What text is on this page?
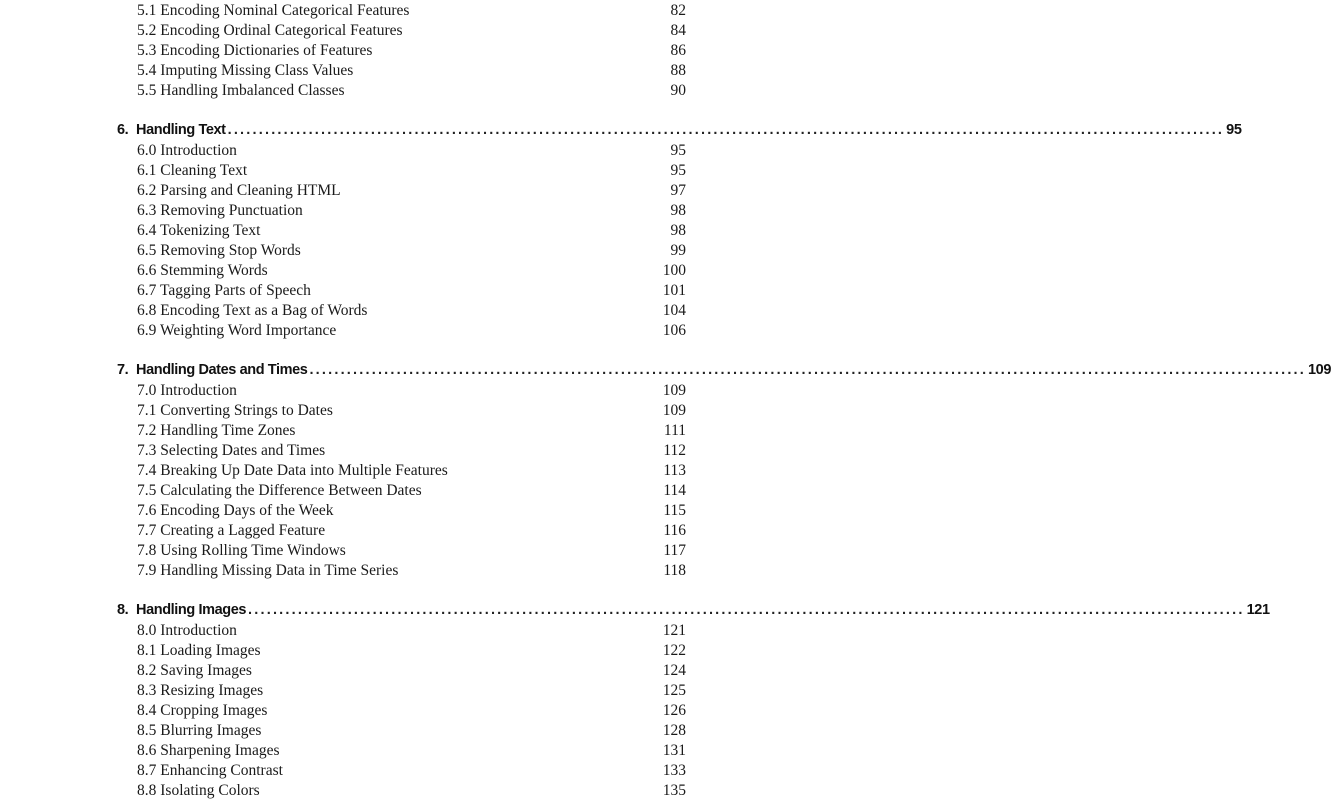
5.1 Encoding Nominal Categorical Features	82
5.2 Encoding Ordinal Categorical Features	84
5.3 Encoding Dictionaries of Features	86
5.4 Imputing Missing Class Values	88
5.5 Handling Imbalanced Classes	90
6. Handling Text ................................................................................................................................................................ 95
6.0 Introduction	95
6.1 Cleaning Text	95
6.2 Parsing and Cleaning HTML	97
6.3 Removing Punctuation	98
6.4 Tokenizing Text	98
6.5 Removing Stop Words	99
6.6 Stemming Words	100
6.7 Tagging Parts of Speech	101
6.8 Encoding Text as a Bag of Words	104
6.9 Weighting Word Importance	106
7. Handling Dates and Times ................................................................................................................................................................ 109
7.0 Introduction	109
7.1 Converting Strings to Dates	109
7.2 Handling Time Zones	111
7.3 Selecting Dates and Times	112
7.4 Breaking Up Date Data into Multiple Features	113
7.5 Calculating the Difference Between Dates	114
7.6 Encoding Days of the Week	115
7.7 Creating a Lagged Feature	116
7.8 Using Rolling Time Windows	117
7.9 Handling Missing Data in Time Series	118
8. Handling Images ................................................................................................................................................................ 121
8.0 Introduction	121
8.1 Loading Images	122
8.2 Saving Images	124
8.3 Resizing Images	125
8.4 Cropping Images	126
8.5 Blurring Images	128
8.6 Sharpening Images	131
8.7 Enhancing Contrast	133
8.8 Isolating Colors	135
